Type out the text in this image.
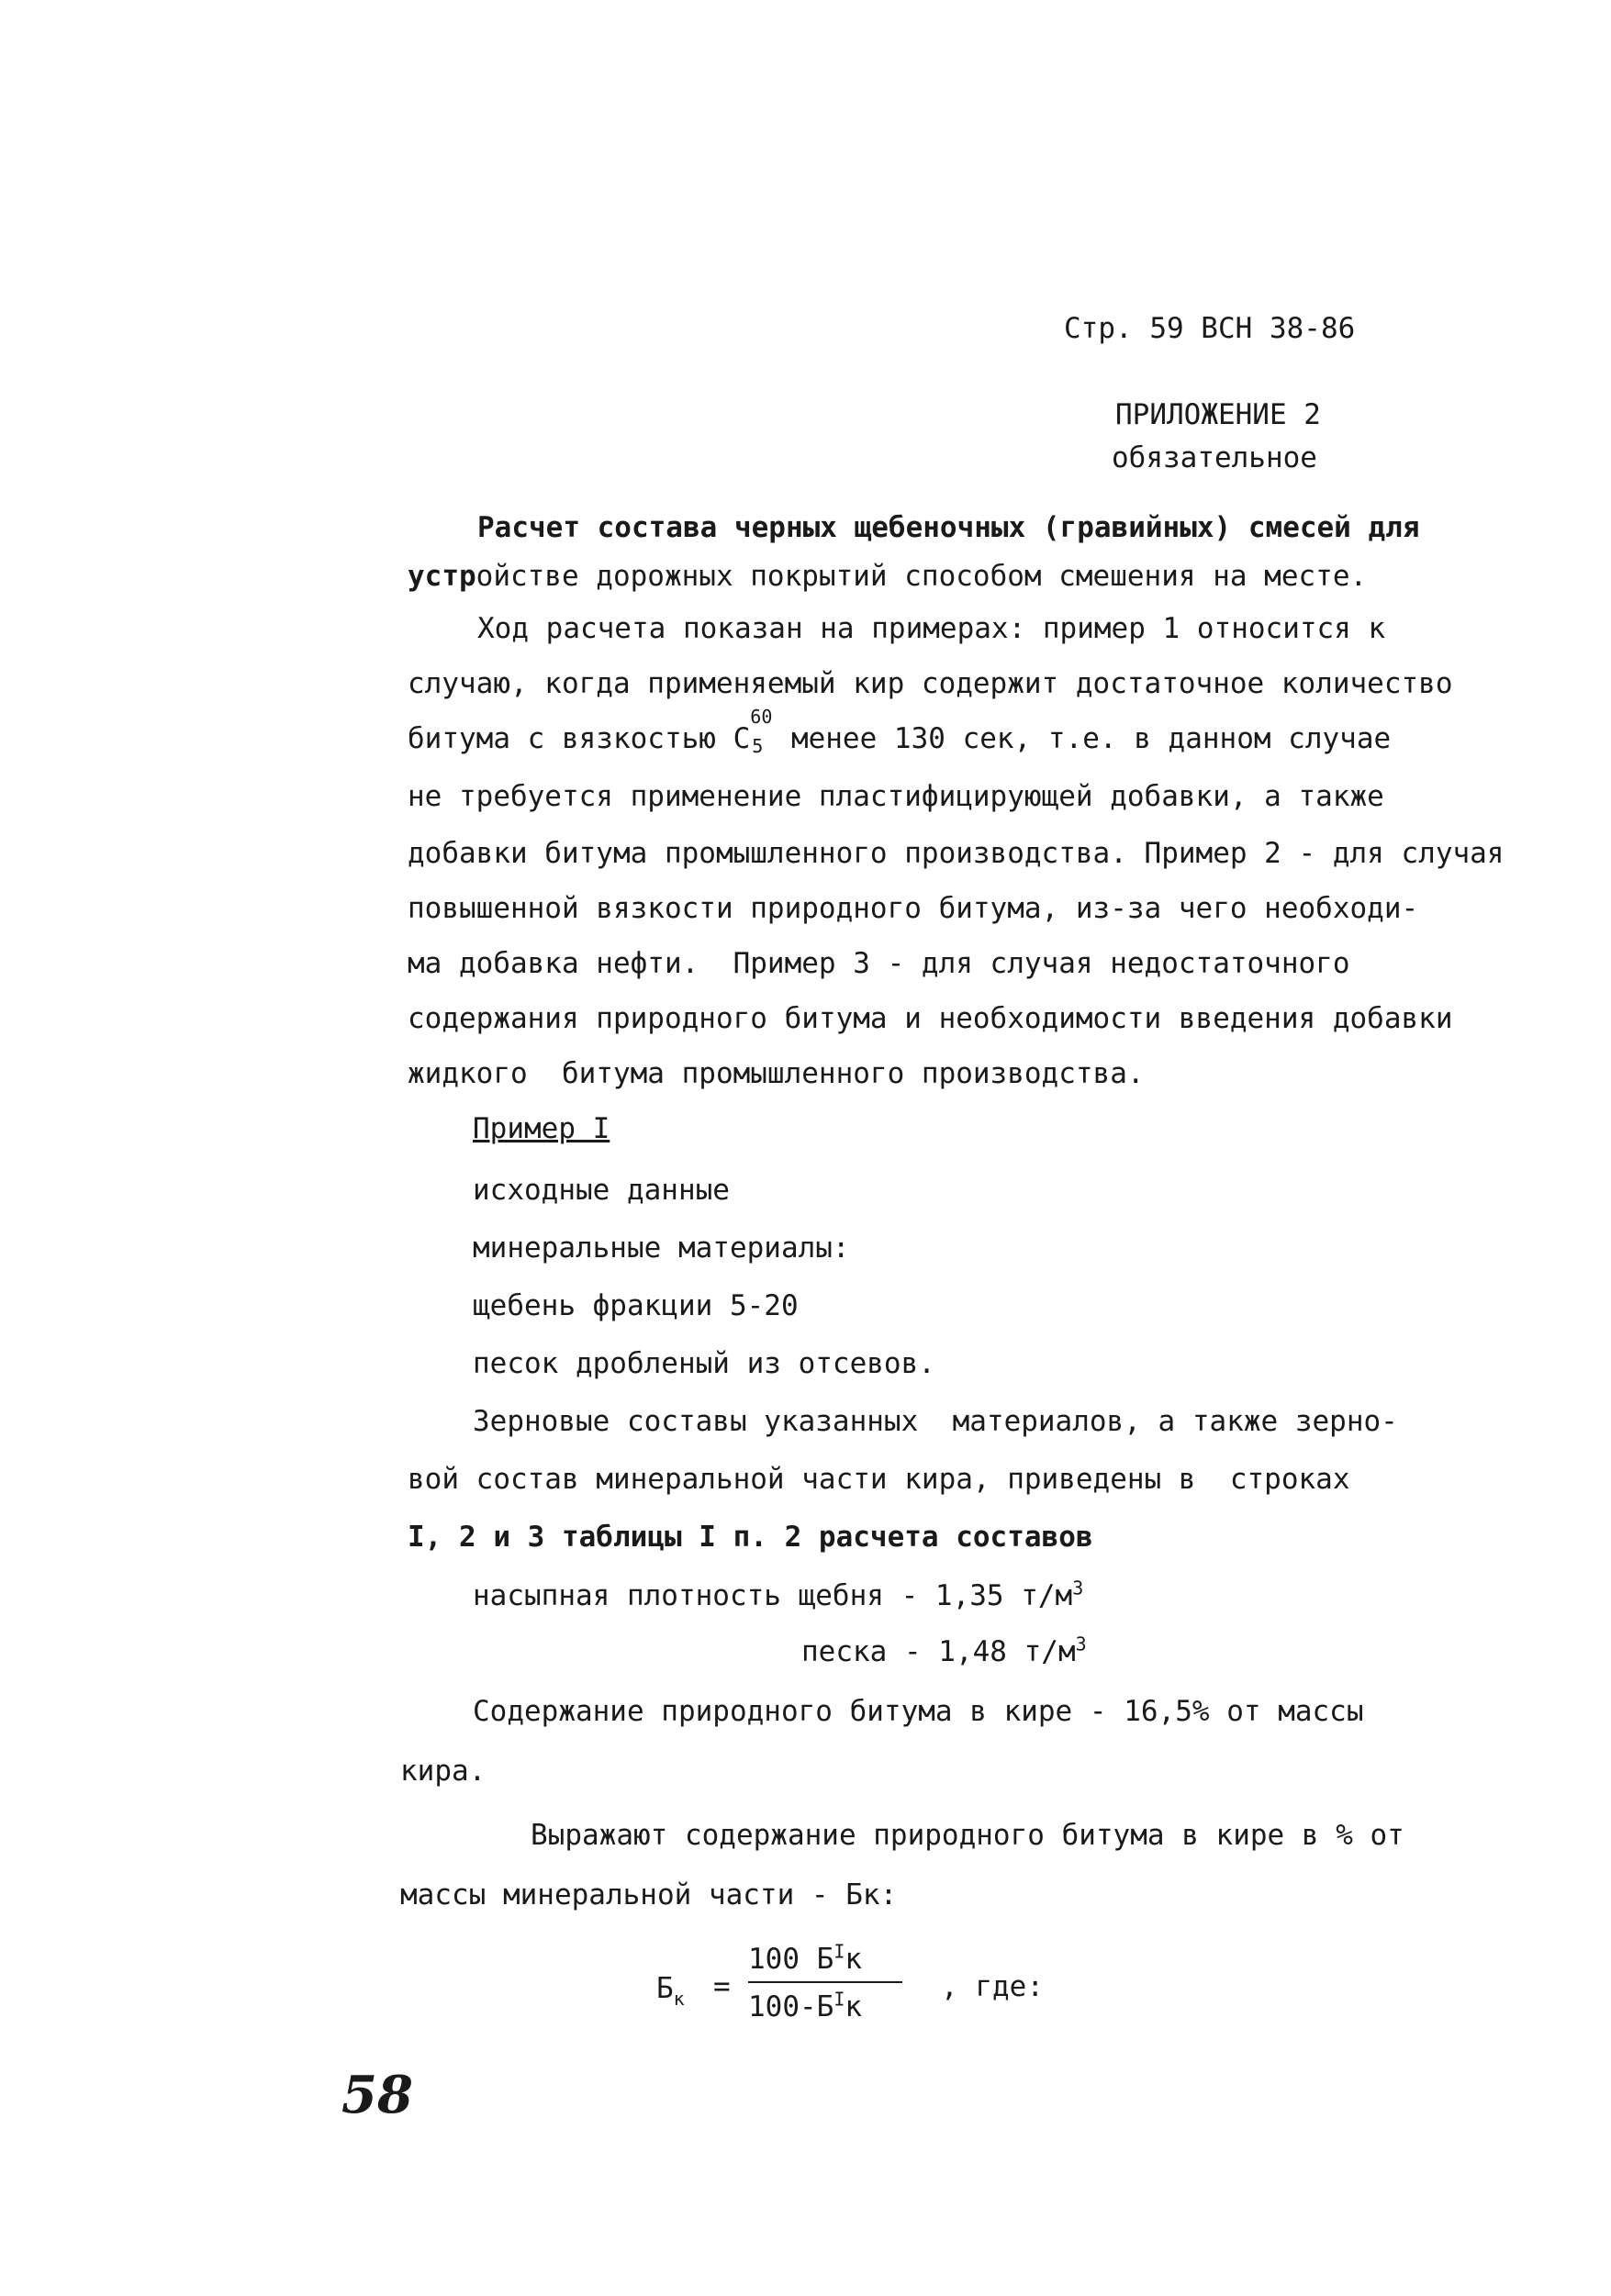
Стр. 59 ВСН 38-86
ПРИЛОЖЕНИЕ 2
обязательное
Расчет состава черных щебеночных (гравийных) смесей для
устройстве дорожных покрытий способом смешения на месте.
Ход расчета показан на примерах: пример 1 относится к
случаю, когда применяемый кир содержит достаточное количество
битума с вязкостью C
60
5 менее 130 сек, т.е. в данном случае
не требуется применение пластифицирующей добавки, а также
добавки битума промышленного производства. Пример 2 - для случая
повышенной вязкости природного битума, из-за чего необходи-
ма добавка нефти.  Пример 3 - для случая недостаточного
содержания природного битума и необходимости введения добавки
жидкого  битума промышленного производства.
Пример I
исходные данные
минеральные материалы:
щебень фракции 5-20
песок дробленый из отсевов.
Зерновые составы указанных  материалов, а также зерно-
вой состав минеральной части кира, приведены в  строках
I, 2 и 3 таблицы I п. 2 расчета составов
насыпная плотность щебня - 1,35 $т/м^3$
песка - 1,48 $т/м^3$
Содержание природного битума в кире - 16,5% от массы
кира.
Выражают содержание природного битума в кире в % от
массы минеральной части - Бк:
$Б_к$ =
100 $Б^Iк$
$100-Б^Iк$
, где:
58
